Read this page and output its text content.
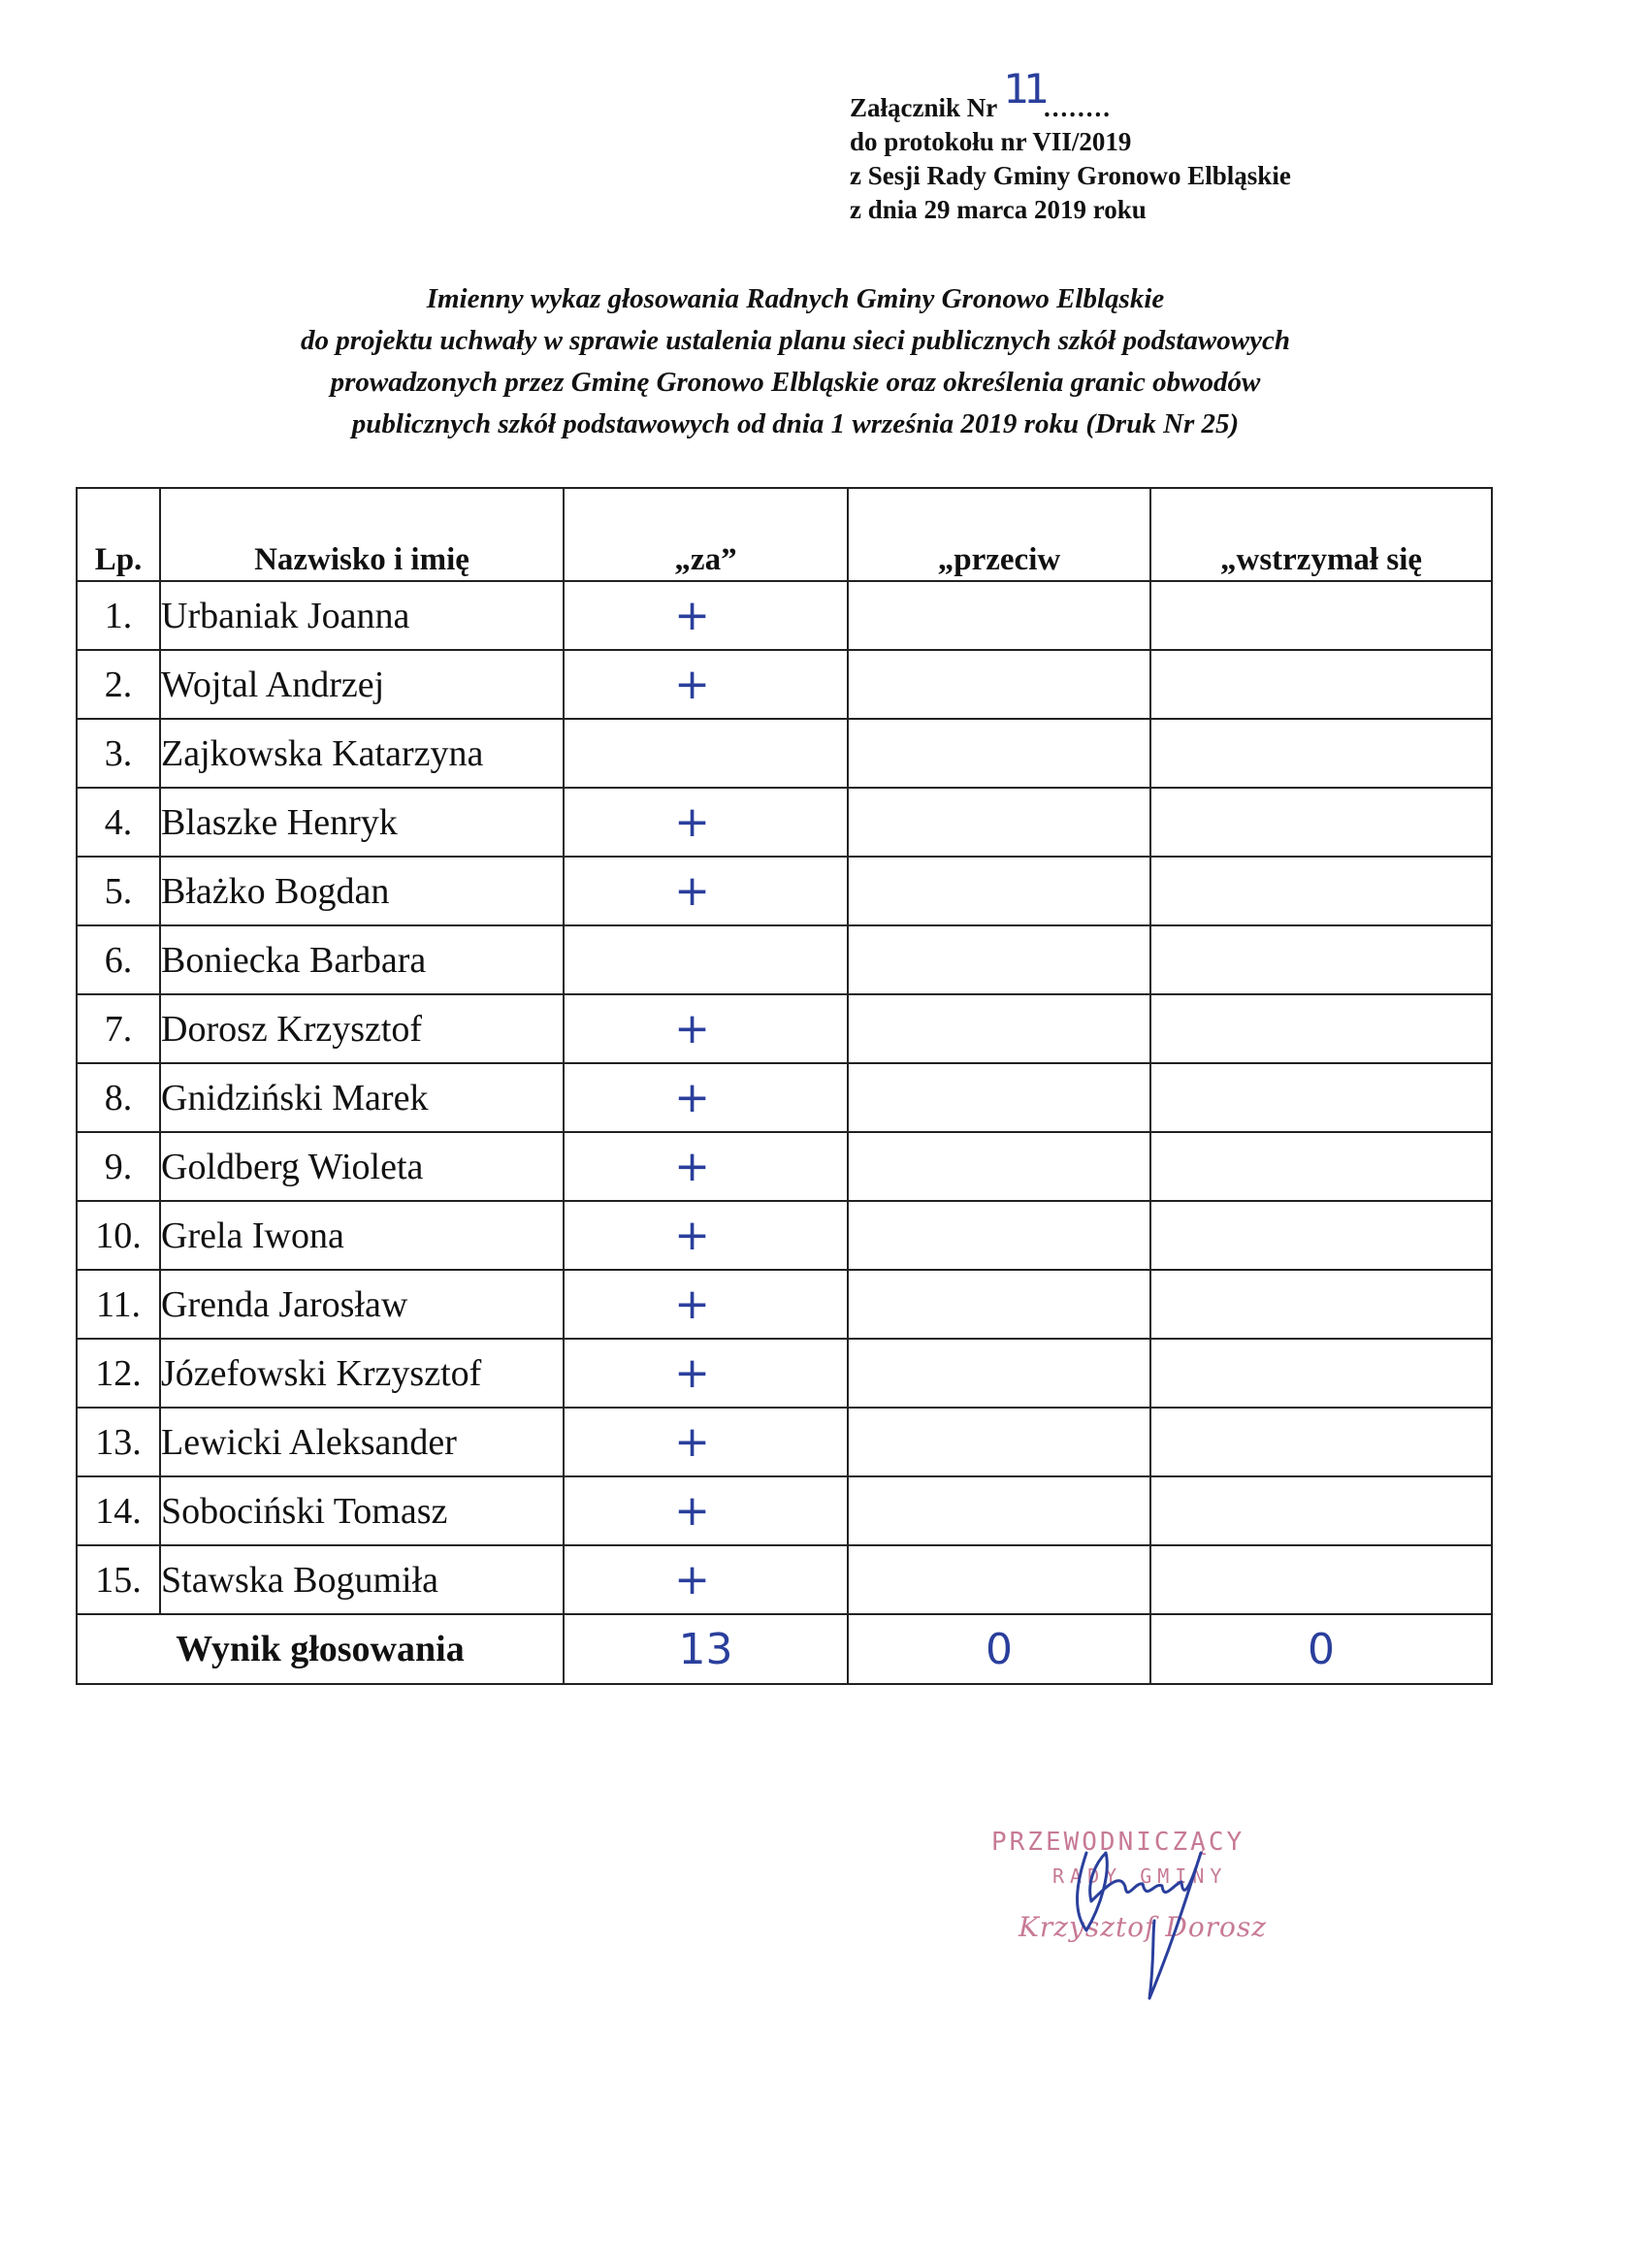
Załącznik Nr 11........
do protokołu nr VII/2019
z Sesji Rady Gminy Gronowo Elbląskie
z dnia 29 marca 2019 roku
Imienny wykaz głosowania Radnych Gminy Gronowo Elbląskie
do projektu uchwały w sprawie ustalenia planu sieci publicznych szkół podstawowych
prowadzonych przez Gminę Gronowo Elbląskie oraz określenia granic obwodów
publicznych szkół podstawowych od dnia 1 września 2019 roku (Druk Nr 25)
Lp.	Nazwisko i imię	„za”	„przeciw	„wstrzymał się
1.	Urbaniak Joanna	+		
2.	Wojtal Andrzej	+		
3.	Zajkowska Katarzyna			
4.	Blaszke Henryk	+		
5.	Błażko Bogdan	+		
6.	Boniecka Barbara			
7.	Dorosz Krzysztof	+		
8.	Gnidziński Marek	+		
9.	Goldberg Wioleta	+		
10.	Grela Iwona	+		
11.	Grenda Jarosław	+		
12.	Józefowski Krzysztof	+		
13.	Lewicki Aleksander	+		
14.	Sobociński Tomasz	+		
15.	Stawska Bogumiła	+		
Wynik głosowania		13	0	0
PRZEWODNICZĄCY
RADY GMINY
Krzysztof Dorosz
